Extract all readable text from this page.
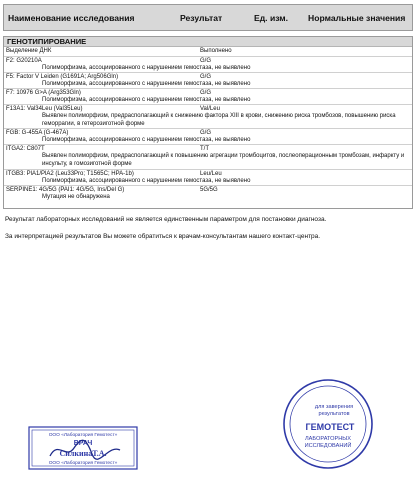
Наименование исследования	Результат	Ед. изм. Нормальные значения
ГЕНОТИПИРОВАНИЕ
Выделение ДНК	Выполнено
F2: G20210A	G/G
Полиморфизма, ассоциированного с нарушением гемостаза, не выявлено
F5: Factor V Leiden (G1691A; Arg506Gln)	G/G
Полиморфизма, ассоциированного с нарушением гемостаза, не выявлено
F7: 10976 G>A (Arg353Gln)	G/G
Полиморфизма, ассоциированного с нарушением гемостаза, не выявлено
F13A1: Val34Leu (Val35Leu)	Val/Leu
Выявлен полиморфизм, предрасполагающий к снижению фактора XIII в крови, снижению риска тромбозов, повышению риска геморрагии, в гетерозиготной форме
FGB: G-455A (G-467A)	G/G
Полиморфизма, ассоциированного с нарушением гемостаза, не выявлено
ITGA2: C807T	T/T
Выявлен полиморфизм, предрасполагающий к повышению агрегации тромбоцитов, послеоперационным тромбозам, инфаркту и инсульту, в гомозиготной форме
ITGB3: PlA1/PlA2 (Leu33Pro; T1565C; HPA-1b)	Leu/Leu
Полиморфизма, ассоциированного с нарушением гемостаза, не выявлено
SERPINE1: 4G/5G (PAI1: 4G/5G, Ins/Del G)	5G/5G
Мутация не обнаружена
Результат лабораторных исследований не является единственным параметром для постановки диагноза.
За интерпретацией результатов Вы можете обратиться к врачам-консультантам нашего контакт-центра.
ООО «Лаборатория Гемотест»
ВРАЧ
СилкинаТ.А.
ООО «Лаборатория Гемотест»
для заверения
результатов
ГЕМОТЕСТ
ЛАБОРАТОРНЫХ
ИССЛЕДОВАНИЙ
